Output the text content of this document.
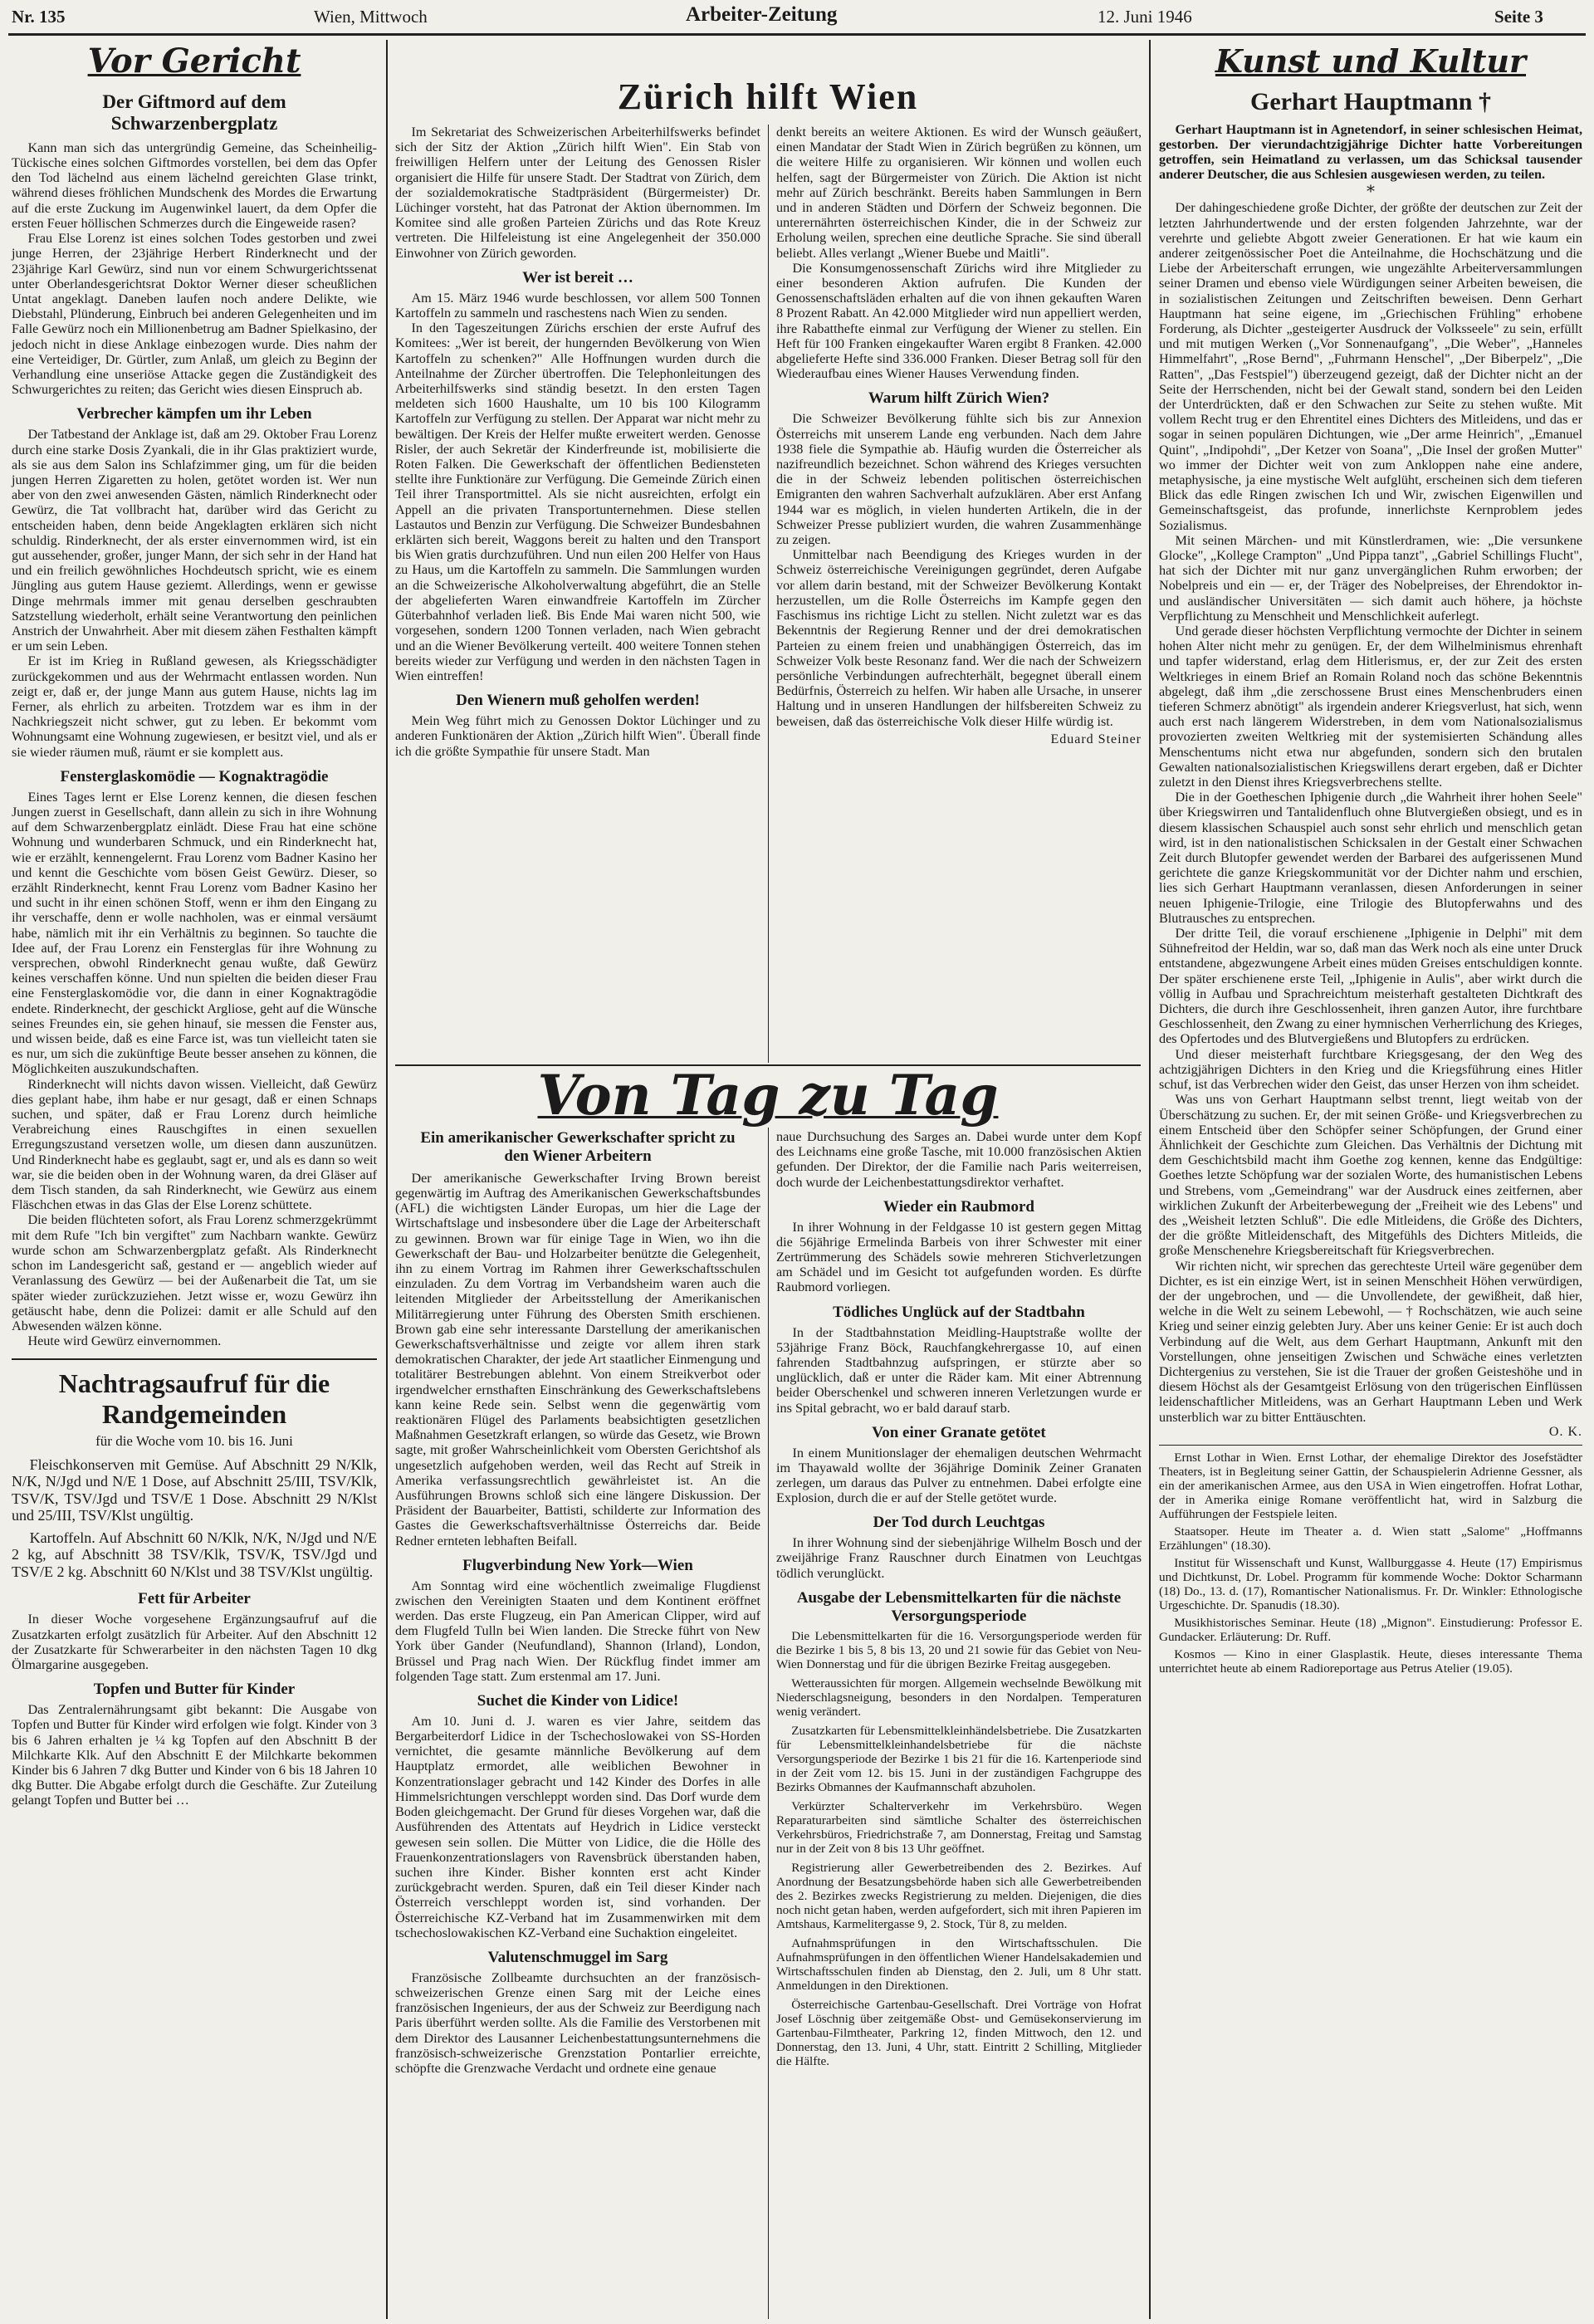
Nr. 135	Wien, Mittwoch	Arbeiter-Zeitung	12. Juni 1946	Seite 3
Vor Gericht
Der Giftmord auf dem Schwarzenbergplatz

Kann man sich das untergründig Gemeine, das Scheinheilig-Tückische eines solchen Giftmordes vorstellen, bei dem das Opfer den Tod lächelnd aus einem lächelnd gereichten Glase trinkt, während dieses fröhlichen Mundschenk des Mordes die Erwartung auf die erste Zuckung im Augenwinkel lauert, da dem Opfer die ersten Feuer höllischen Schmerzes durch die Eingeweide rasen?

Frau Else Lorenz ist eines solchen Todes gestorben und zwei junge Herren, der 23jährige Herbert Rinderknecht und der 23jährige Karl Gewürz, sind nun vor einem Schwurgerichtssenat unter Oberlandesgerichtsrat Doktor Werner dieser scheußlichen Untat angeklagt. Daneben laufen noch andere Delikte, wie Diebstahl, Plünderung, Einbruch bei anderen Gelegenheiten und im Falle Gewürz noch ein Millionenbetrug am Badner Spielkasino, der jedoch nicht in diese Anklage einbezogen wurde. Dies nahm der eine Verteidiger, Dr. Gürtler, zum Anlaß, um gleich zu Beginn der Verhandlung eine unseriöse Attacke gegen die Zuständigkeit des Schwurgerichtes zu reiten; das Gericht wies diesen Einspruch ab.

Verbrecher kämpfen um ihr Leben

Der Tatbestand der Anklage ist, daß am 29. Oktober Frau Lorenz durch eine starke Dosis Zyankali, die in ihr Glas praktiziert wurde, als sie aus dem Salon ins Schlafzimmer ging, um für die beiden jungen Herren Zigaretten zu holen, getötet worden ist. Wer nun aber von den zwei anwesenden Gästen, nämlich Rinderknecht oder Gewürz, die Tat vollbracht hat, darüber wird das Gericht zu entscheiden haben, denn beide Angeklagten erklären sich nicht schuldig. Rinderknecht, der als erster einvernommen wird, ist ein gut aussehender, großer, junger Mann, der sich sehr in der Hand hat und ein freilich gewöhnliches Hochdeutsch spricht, wie es einem Jüngling aus gutem Hause geziemt. Allerdings, wenn er gewisse Dinge mehrmals immer mit genau derselben geschraubten Satzstellung wiederholt, erhält seine Verantwortung den peinlichen Anstrich der Unwahrheit. Aber mit diesem zähen Festhalten kämpft er um sein Leben.

Er ist im Krieg in Rußland gewesen, als Kriegsschädigter zurückgekommen und aus der Wehrmacht entlassen worden. Nun zeigt er, daß er, der junge Mann aus gutem Hause, nichts lag im Ferner, als ehrlich zu arbeiten. Trotzdem war es ihm in der Nachkriegszeit nicht schwer, gut zu leben. Er bekommt vom Wohnungsamt eine Wohnung zugewiesen, er besitzt viel, und als er sie wieder räumen muß, räumt er sie komplett aus.

Fensterglaskomödie — Kognaktragödie

Eines Tages lernt er Else Lorenz kennen, die diesen feschen Jungen zuerst in Gesellschaft, dann allein zu sich in ihre Wohnung auf dem Schwarzenbergplatz einlädt. Diese Frau hat eine schöne Wohnung und wunderbaren Schmuck, und ein Rinderknecht hat, wie er erzählt, kennengelernt. Frau Lorenz vom Badner Kasino her und kennt die Geschichte vom bösen Geist Gewürz. Dieser, so erzählt Rinderknecht, kennt Frau Lorenz vom Badner Kasino her und sucht in ihr einen schönen Stoff, wenn er ihm den Eingang zu ihr verschaffe, denn er wolle nachholen, was er einmal versäumt habe, nämlich mit ihr ein Verhältnis zu beginnen. So tauchte die Idee auf, der Frau Lorenz ein Fensterglas für ihre Wohnung zu versprechen, obwohl Rinderknecht genau wußte, daß Gewürz keines verschaffen könne. Und nun spielten die beiden dieser Frau eine Fensterglaskomödie vor, die dann in einer Kognaktragödie endete. Rinderknecht, der geschickt Argliose, geht auf die Wünsche seines Freundes ein, sie gehen hinauf, sie messen die Fenster aus, und wissen beide, daß es eine Farce ist, was tun vielleicht taten sie es nur, um sich die zukünftige Beute besser ansehen zu können, die Möglichkeiten auszukundschaften.

Rinderknecht will nichts davon wissen. Vielleicht, daß Gewürz dies geplant habe, ihm habe er nur gesagt, daß er einen Schnaps suchen, und später, daß er Frau Lorenz durch heimliche Verabreichung eines Rauschgiftes in einen sexuellen Erregungszustand versetzen wolle, um diesen dann auszunützen. Und Rinderknecht habe es geglaubt, sagt er, und als es dann so weit war, sie die beiden oben in der Wohnung waren, da drei Gläser auf dem Tisch standen, da sah Rinderknecht, wie Gewürz aus einem Fläschchen etwas in das Glas der Else Lorenz schüttete.

Die beiden flüchteten sofort, als Frau Lorenz schmerzgekrümmt mit dem Rufe "Ich bin vergiftet" zum Nachbarn wankte. Gewürz wurde schon am Schwarzenbergplatz gefaßt. Als Rinderknecht schon im Landesgericht saß, gestand er — angeblich wieder auf Veranlassung des Gewürz — bei der Außenarbeit die Tat, um sie später wieder zurückzuziehen. Jetzt wisse er, wozu Gewürz ihn getäuscht habe, denn die Polizei: damit er alle Schuld auf den Abwesenden wälzen könne.

Heute wird Gewürz einvernommen.

Nachtragsaufruf für die Randgemeinden
für die Woche vom 10. bis 16. Juni

Fleischkonserven mit Gemüse. Auf Abschnitt 29 N/Klk, N/K, N/Jgd und N/E 1 Dose, auf Abschnitt 25/III, TSV/Klk, TSV/K, TSV/Jgd und TSV/E 1 Dose. Abschnitt 29 N/Klst und 25/III, TSV/Klst ungültig.

Kartoffeln. Auf Abschnitt 60 N/Klk, N/K, N/Jgd und N/E 2 kg, auf Abschnitt 38 TSV/Klk, TSV/K, TSV/Jgd und TSV/E 2 kg. Abschnitt 60 N/Klst und 38 TSV/Klst ungültig.

Fett für Arbeiter

In dieser Woche vorgesehene Ergänzungsaufruf auf die Zusatzkarten erfolgt zusätzlich für Arbeiter. Auf den Abschnitt 12 der Zusatzkarte für Schwerarbeiter in den nächsten Tagen 10 dkg Ölmargarine ausgegeben.

Topfen und Butter für Kinder

Das Zentralernährungsamt gibt bekannt: Die Ausgabe von Topfen und Butter für Kinder wird erfolgen wie folgt. Kinder von 3 bis 6 Jahren erhalten je ¼ kg Topfen auf den Abschnitt B der Milchkarte Klk. Auf den Abschnitt E der Milchkarte bekommen Kinder bis 6 Jahren 7 dkg Butter und Kinder von 6 bis 18 Jahren 10 dkg Butter. Die Abgabe erfolgt durch die Geschäfte. Zur Zuteilung gelangt Topfen und Butter bei …

Zürich hilft Wien

Im Sekretariat des Schweizerischen Arbeiterhilfswerks befindet sich der Sitz der Aktion „Zürich hilft Wien". Ein Stab von freiwilligen Helfern unter der Leitung des Genossen Risler organisiert die Hilfe für unsere Stadt. Der Stadtrat von Zürich, dem der sozialdemokratische Stadtpräsident (Bürgermeister) Dr. Lüchinger vorsteht, hat das Patronat der Aktion übernommen. Im Komitee sind alle großen Parteien Zürichs und das Rote Kreuz vertreten. Die Hilfeleistung ist eine Angelegenheit der 350.000 Einwohner von Zürich geworden.

Wer ist bereit …

Am 15. März 1946 wurde beschlossen, vor allem 500 Tonnen Kartoffeln zu sammeln und raschestens nach Wien zu senden.

In den Tageszeitungen Zürichs erschien der erste Aufruf des Komitees: „Wer ist bereit, der hungernden Bevölkerung von Wien Kartoffeln zu schenken?" Alle Hoffnungen wurden durch die Anteilnahme der Zürcher übertroffen. Die Telephonleitungen des Arbeiterhilfswerks sind ständig besetzt. In den ersten Tagen meldeten sich 1600 Haushalte, um 10 bis 100 Kilogramm Kartoffeln zur Verfügung zu stellen. Der Apparat war nicht mehr zu bewältigen. Der Kreis der Helfer mußte erweitert werden. Genosse Risler, der auch Sekretär der Kinderfreunde ist, mobilisierte die Roten Falken. Die Gewerkschaft der öffentlichen Bediensteten stellte ihre Funktionäre zur Verfügung. Die Gemeinde Zürich einen Teil ihrer Transportmittel. Als sie nicht ausreichten, erfolgt ein Appell an die privaten Transportunternehmen. Diese stellen Lastautos und Benzin zur Verfügung. Die Schweizer Bundesbahnen erklärten sich bereit, Waggons bereit zu halten und den Transport bis Wien gratis durchzuführen. Und nun eilen 200 Helfer von Haus zu Haus, um die Kartoffeln zu sammeln. Die Sammlungen wurden an die Schweizerische Alkoholverwaltung abgeführt, die an Stelle der abgelieferten Waren einwandfreie Kartoffeln im Zürcher Güterbahnhof verladen ließ. Bis Ende Mai waren nicht 500, wie vorgesehen, sondern 1200 Tonnen verladen, nach Wien gebracht und an die Wiener Bevölkerung verteilt. 400 weitere Tonnen stehen bereits wieder zur Verfügung und werden in den nächsten Tagen in Wien eintreffen!

Den Wienern muß geholfen werden!

Mein Weg führt mich zu Genossen Doktor Lüchinger und zu anderen Funktionären der Aktion „Zürich hilft Wien". Überall finde ich die größte Sympathie für unsere Stadt. Man

denkt bereits an weitere Aktionen. Es wird der Wunsch geäußert, einen Mandatar der Stadt Wien in Zürich begrüßen zu können, um die weitere Hilfe zu organisieren. Wir können und wollen euch helfen, sagt der Bürgermeister von Zürich. Die Aktion ist nicht mehr auf Zürich beschränkt. Bereits haben Sammlungen in Bern und in anderen Städten und Dörfern der Schweiz begonnen. Die unterernährten österreichischen Kinder, die in der Schweiz zur Erholung weilen, sprechen eine deutliche Sprache. Sie sind überall beliebt. Alles verlangt „Wiener Buebe und Maitli".

Die Konsumgenossenschaft Zürichs wird ihre Mitglieder zu einer besonderen Aktion aufrufen. Die Kunden der Genossenschaftsläden erhalten auf die von ihnen gekauften Waren 8 Prozent Rabatt. An 42.000 Mitglieder wird nun appelliert werden, ihre Rabatthefte einmal zur Verfügung der Wiener zu stellen. Ein Heft für 100 Franken eingekaufter Waren ergibt 8 Franken. 42.000 abgelieferte Hefte sind 336.000 Franken. Dieser Betrag soll für den Wiederaufbau eines Wiener Hauses Verwendung finden.

Warum hilft Zürich Wien?

Die Schweizer Bevölkerung fühlte sich bis zur Annexion Österreichs mit unserem Lande eng verbunden. Nach dem Jahre 1938 fiele die Sympathie ab. Häufig wurden die Österreicher als nazifreundlich bezeichnet. Schon während des Krieges versuchten die in der Schweiz lebenden politischen österreichischen Emigranten den wahren Sachverhalt aufzuklären. Aber erst Anfang 1944 war es möglich, in vielen hunderten Artikeln, die in der Schweizer Presse publiziert wurden, die wahren Zusammenhänge zu zeigen.

Unmittelbar nach Beendigung des Krieges wurden in der Schweiz österreichische Vereinigungen gegründet, deren Aufgabe vor allem darin bestand, mit der Schweizer Bevölkerung Kontakt herzustellen, um die Rolle Österreichs im Kampfe gegen den Faschismus ins richtige Licht zu stellen. Nicht zuletzt war es das Bekenntnis der Regierung Renner und der drei demokratischen Parteien zu einem freien und unabhängigen Österreich, das im Schweizer Volk beste Resonanz fand. Wer die nach der Schweizern persönliche Verbindungen aufrechterhält, begegnet überall einem Bedürfnis, Österreich zu helfen. Wir haben alle Ursache, in unserer Haltung und in unseren Handlungen der hilfsbereiten Schweiz zu beweisen, daß das österreichische Volk dieser Hilfe würdig ist.

Eduard Steiner
Von Tag zu Tag
Ein amerikanischer Gewerkschafter spricht zu den Wiener Arbeitern

Der amerikanische Gewerkschafter Irving Brown bereist gegenwärtig im Auftrag des Amerikanischen Gewerkschaftsbundes (AFL) die wichtigsten Länder Europas, um hier die Lage der Wirtschaftslage und insbesondere über die Lage der Arbeiterschaft zu gewinnen. Brown war für einige Tage in Wien, wo ihn die Gewerkschaft der Bau- und Holzarbeiter benützte die Gelegenheit, ihn zu einem Vortrag im Rahmen ihrer Gewerkschaftsschulen einzuladen. Zu dem Vortrag im Verbandsheim waren auch die leitenden Mitglieder der Arbeitsstellung der Amerikanischen Militärregierung unter Führung des Obersten Smith erschienen. Brown gab eine sehr interessante Darstellung der amerikanischen Gewerkschaftsverhältnisse und zeigte vor allem ihren stark demokratischen Charakter, der jede Art staatlicher Einmengung und totalitärer Bestrebungen ablehnt. Von einem Streikverbot oder irgendwelcher ernsthaften Einschränkung des Gewerkschaftslebens kann keine Rede sein. Selbst wenn die gegenwärtig vom reaktionären Flügel des Parlaments beabsichtigten gesetzlichen Maßnahmen Gesetzkraft erlangen, so würde das Gesetz, wie Brown sagte, mit großer Wahrscheinlichkeit vom Obersten Gerichtshof als ungesetzlich aufgehoben werden, weil das Recht auf Streik in Amerika verfassungsrechtlich gewährleistet ist. An die Ausführungen Browns schloß sich eine längere Diskussion. Der Präsident der Bauarbeiter, Battisti, schilderte zur Information des Gastes die Gewerkschaftsverhältnisse Österreichs dar. Beide Redner ernteten lebhaften Beifall.

Flugverbindung New York—Wien

Am Sonntag wird eine wöchentlich zweimalige Flugdienst zwischen den Vereinigten Staaten und dem Kontinent eröffnet werden. Das erste Flugzeug, ein Pan American Clipper, wird auf dem Flugfeld Tulln bei Wien landen. Die Strecke führt von New York über Gander (Neufundland), Shannon (Irland), London, Brüssel und Prag nach Wien. Der Rückflug findet immer am folgenden Tage statt. Zum erstenmal am 17. Juni.

Suchet die Kinder von Lidice!

Am 10. Juni d. J. waren es vier Jahre, seitdem das Bergarbeiterdorf Lidice in der Tschechoslowakei von SS-Horden vernichtet, die gesamte männliche Bevölkerung auf dem Hauptplatz ermordet, alle weiblichen Bewohner in Konzentrationslager gebracht und 142 Kinder des Dorfes in alle Himmelsrichtungen verschleppt worden sind. Das Dorf wurde dem Boden gleichgemacht. Der Grund für dieses Vorgehen war, daß die Ausführenden des Attentats auf Heydrich in Lidice versteckt gewesen sein sollen. Die Mütter von Lidice, die die Hölle des Frauenkonzentrationslagers von Ravensbrück überstanden haben, suchen ihre Kinder. Bisher konnten erst acht Kinder zurückgebracht werden. Spuren, daß ein Teil dieser Kinder nach Österreich verschleppt worden ist, sind vorhanden. Der Österreichische KZ-Verband hat im Zusammenwirken mit dem tschechoslowakischen KZ-Verband eine Suchaktion eingeleitet.

Valutenschmuggel im Sarg

Französische Zollbeamte durchsuchten an der französisch-schweizerischen Grenze einen Sarg mit der Leiche eines französischen Ingenieurs, der aus der Schweiz zur Beerdigung nach Paris überführt werden sollte. Als die Familie des Verstorbenen mit dem Direktor des Lausanner Leichenbestattungsunternehmens die französisch-schweizerische Grenzstation Pontarlier erreichte, schöpfte die Grenzwache Verdacht und ordnete eine genaue

naue Durchsuchung des Sarges an. Dabei wurde unter dem Kopf des Leichnams eine große Tasche, mit 10.000 französischen Aktien gefunden. Der Direktor, der die Familie nach Paris weiterreisen, doch wurde der Leichenbestattungsdirektor verhaftet.

Wieder ein Raubmord

In ihrer Wohnung in der Feldgasse 10 ist gestern gegen Mittag die 56jährige Ermelinda Barbeis von ihrer Schwester mit einer Zertrümmerung des Schädels sowie mehreren Stichverletzungen am Schädel und im Gesicht tot aufgefunden worden. Es dürfte Raubmord vorliegen.

Tödliches Unglück auf der Stadtbahn

In der Stadtbahnstation Meidling-Hauptstraße wollte der 53jährige Franz Böck, Rauchfangkehrergasse 10, auf einen fahrenden Stadtbahnzug aufspringen, er stürzte aber so unglücklich, daß er unter die Räder kam. Mit einer Abtrennung beider Oberschenkel und schweren inneren Verletzungen wurde er ins Spital gebracht, wo er bald darauf starb.

Von einer Granate getötet

In einem Munitionslager der ehemaligen deutschen Wehrmacht im Thayawald wollte der 36jährige Dominik Zeiner Granaten zerlegen, um daraus das Pulver zu entnehmen. Dabei erfolgte eine Explosion, durch die er auf der Stelle getötet wurde.

Der Tod durch Leuchtgas

In ihrer Wohnung sind der siebenjährige Wilhelm Bosch und der zweijährige Franz Rauschner durch Einatmen von Leuchtgas tödlich verunglückt.

Ausgabe der Lebensmittelkarten für die nächste Versorgungsperiode

Die Lebensmittelkarten für die 16. Versorgungsperiode werden für die Bezirke 1 bis 5, 8 bis 13, 20 und 21 sowie für das Gebiet von Neu-Wien Donnerstag und für die übrigen Bezirke Freitag ausgegeben.

Wetteraussichten für morgen. Allgemein wechselnde Bewölkung mit Niederschlagsneigung, besonders in den Nordalpen. Temperaturen wenig verändert.

Zusatzkarten für Lebensmittelkleinhändelsbetriebe. Die Zusatzkarten für Lebensmittelkleinhandelsbetriebe für die nächste Versorgungsperiode der Bezirke 1 bis 21 für die 16. Kartenperiode sind in der Zeit vom 12. bis 15. Juni in der zuständigen Fachgruppe des Bezirks Obmannes der Kaufmannschaft abzuholen.

Verkürzter Schalterverkehr im Verkehrsbüro. Wegen Reparaturarbeiten sind sämtliche Schalter des österreichischen Verkehrsbüros, Friedrichstraße 7, am Donnerstag, Freitag und Samstag nur in der Zeit von 8 bis 13 Uhr geöffnet.

Registrierung aller Gewerbetreibenden des 2. Bezirkes. Auf Anordnung der Besatzungsbehörde haben sich alle Gewerbetreibenden des 2. Bezirkes zwecks Registrierung zu melden. Diejenigen, die dies noch nicht getan haben, werden aufgefordert, sich mit ihren Papieren im Amtshaus, Karmelitergasse 9, 2. Stock, Tür 8, zu melden.

Aufnahmsprüfungen in den Wirtschaftsschulen. Die Aufnahmsprüfungen in den öffentlichen Wiener Handelsakademien und Wirtschaftsschulen finden ab Dienstag, den 2. Juli, um 8 Uhr statt. Anmeldungen in den Direktionen.

Österreichische Gartenbau-Gesellschaft. Drei Vorträge von Hofrat Josef Löschnig über zeitgemäße Obst- und Gemüsekonservierung im Gartenbau-Filmtheater, Parkring 12, finden Mittwoch, den 12. und Donnerstag, den 13. Juni, 4 Uhr, statt. Eintritt 2 Schilling, Mitglieder die Hälfte.

Kunst und Kultur
Gerhart Hauptmann †

Gerhart Hauptmann ist in Agnetendorf, in seiner schlesischen Heimat, gestorben. Der vierundachtzigjährige Dichter hatte Vorbereitungen getroffen, sein Heimatland zu verlassen, um das Schicksal tausender anderer Deutscher, die aus Schlesien ausgewiesen werden, zu teilen.

*

Der dahingeschiedene große Dichter, der größte der deutschen zur Zeit der letzten Jahrhundertwende und der ersten folgenden Jahrzehnte, war der verehrte und geliebte Abgott zweier Generationen. Er hat wie kaum ein anderer zeitgenössischer Poet die Anteilnahme, die Hochschätzung und die Liebe der Arbeiterschaft errungen, wie ungezählte Arbeiterversammlungen seiner Dramen und ebenso viele Würdigungen seiner Arbeiten beweisen, die in sozialistischen Zeitungen und Zeitschriften beweisen. Denn Gerhart Hauptmann hat seine eigene, im „Griechischen Frühling" erhobene Forderung, als Dichter „gesteigerter Ausdruck der Volksseele" zu sein, erfüllt und mit mutigen Werken („Vor Sonnenaufgang", „Die Weber", „Hanneles Himmelfahrt", „Rose Bernd", „Fuhrmann Henschel", „Der Biberpelz", „Die Ratten", „Das Festspiel") überzeugend gezeigt, daß der Dichter nicht an der Seite der Herrschenden, nicht bei der Gewalt stand, sondern bei den Leiden der Unterdrückten, daß er den Schwachen zur Seite zu stehen wußte. Mit vollem Recht trug er den Ehrentitel eines Dichters des Mitleidens, und das er sogar in seinen populären Dichtungen, wie „Der arme Heinrich", „Emanuel Quint", „Indipohdi", „Der Ketzer von Soana", „Die Insel der großen Mutter" wo immer der Dichter weit von zum Ankloppen nahe eine andere, metaphysische, ja eine mystische Welt aufglüht, erscheinen sich dem tieferen Blick das edle Ringen zwischen Ich und Wir, zwischen Eigenwillen und Gemeinschaftsgeist, das profunde, innerlichste Kernproblem jedes Sozialismus.

Mit seinen Märchen- und mit Künstlerdramen, wie: „Die versunkene Glocke", „Kollege Crampton" „Und Pippa tanzt", „Gabriel Schillings Flucht", hat sich der Dichter mit nur ganz unvergänglichen Ruhm erworben; der Nobelpreis und ein — er, der Träger des Nobelpreises, der Ehrendoktor in- und ausländischer Universitäten — sich damit auch höhere, ja höchste Verpflichtung zu Menschheit und Menschlichkeit auferlegt.

Und gerade dieser höchsten Verpflichtung vermochte der Dichter in seinem hohen Alter nicht mehr zu genügen. Er, der dem Wilhelminismus ehrenhaft und tapfer widerstand, erlag dem Hitlerismus, er, der zur Zeit des ersten Weltkrieges in einem Brief an Romain Roland noch das schöne Bekenntnis abgelegt, daß ihm „die zerschossene Brust eines Menschenbruders einen tieferen Schmerz abnötigt" als irgendein anderer Kriegsverlust, hat sich, wenn auch erst nach längerem Widerstreben, in dem vom Nationalsozialismus provozierten zweiten Weltkrieg mit der systemisierten Schändung alles Menschentums nicht etwa nur abgefunden, sondern sich den brutalen Gewalten nationalsozialistischen Kriegswillens derart ergeben, daß er Dichter zuletzt in den Dienst ihres Kriegsverbrechens stellte.

Die in der Goetheschen Iphigenie durch „die Wahrheit ihrer hohen Seele" über Kriegswirren und Tantalidenfluch ohne Blutvergießen obsiegt, und es in diesem klassischen Schauspiel auch sonst sehr ehrlich und menschlich getan wird, ist in den nationalistischen Schicksalen in der Gestalt einer Schwachen Zeit durch Blutopfer gewendet werden der Barbarei des aufgerissenen Mund gerichtete die ganze Kriegskommunität vor der Dichter nahm und erschien, lies sich Gerhart Hauptmann veranlassen, diesen Anforderungen in seiner neuen Iphigenie-Trilogie, eine Trilogie des Blutopferwahns und des Blutrausches zu entsprechen.

Der dritte Teil, die vorauf erschienene „Iphigenie in Delphi" mit dem Sühnefreitod der Heldin, war so, daß man das Werk noch als eine unter Druck entstandene, abgezwungene Arbeit eines müden Greises entschuldigen konnte. Der später erschienene erste Teil, „Iphigenie in Aulis", aber wirkt durch die völlig in Aufbau und Sprachreichtum meisterhaft gestalteten Dichtkraft des Dichters, die durch ihre Geschlossenheit, ihren ganzen Autor, ihre furchtbare Geschlossenheit, den Zwang zu einer hymnischen Verherrlichung des Krieges, des Opfertodes und des Blutvergießens und Blutopfers zu erdrücken.

Und dieser meisterhaft furchtbare Kriegsgesang, der den Weg des achtzigjährigen Dichters in den Krieg und die Kriegsführung eines Hitler schuf, ist das Verbrechen wider den Geist, das unser Herzen von ihm scheidet.

Was uns von Gerhart Hauptmann selbst trennt, liegt weitab von der Überschätzung zu suchen. Er, der mit seinen Größe- und Kriegsverbrechen zu einem Entscheid über den Schöpfer seiner Schöpfungen, der Grund einer Ähnlichkeit der Geschichte zum Gleichen. Das Verhältnis der Dichtung mit dem Geschichtsbild macht ihm Goethe zog kennen, kenne das Endgültige: Goethes letzte Schöpfung war der sozialen Worte, des humanistischen Lebens und Strebens, vom „Gemeindrang" war der Ausdruck eines zeitfernen, aber wirklichen Zukunft der Arbeiterbewegung der „Freiheit wie des Lebens" und des „Weisheit letzten Schluß". Die edle Mitleidens, die Größe des Dichters, der die größte Mitleidenschaft, des Mitgefühls des Dichters Mitleids, die große Menschenehre Kriegsbereitschaft für Kriegsverbrechen.

Wir richten nicht, wir sprechen das gerechteste Urteil wäre gegenüber dem Dichter, es ist ein einzige Wert, ist in seinen Menschheit Höhen verwürdigen, der der ungebrochen, und — die Unvollendete, der gewißheit, daß hier, welche in die Welt zu seinem Lebewohl, — † Rochschätzen, wie auch seine Krieg und seiner einzig gelebten Jury. Aber uns keiner Genie: Er ist auch doch Verbindung auf die Welt, aus dem Gerhart Hauptmann, Ankunft mit den Vorstellungen, ohne jenseitigen Zwischen und Schwäche eines verletzten Dichtergenius zu verstehen, Sie ist die Trauer der großen Geisteshöhe und in diesem Höchst als der Gesamtgeist Erlösung von den trügerischen Einflüssen leidenschaftlicher Mitleidens, was an Gerhart Hauptmann Leben und Werk unsterblich war zu bitter Enttäuschten.

O. K.

Ernst Lothar in Wien. Ernst Lothar, der ehemalige Direktor des Josefstädter Theaters, ist in Begleitung seiner Gattin, der Schauspielerin Adrienne Gessner, als ein der amerikanischen Armee, aus den USA in Wien eingetroffen. Hofrat Lothar, der in Amerika einige Romane veröffentlicht hat, wird in Salzburg die Aufführungen der Festspiele leiten.

Staatsoper. Heute im Theater a. d. Wien statt „Salome" „Hoffmanns Erzählungen" (18.30).

Institut für Wissenschaft und Kunst, Wallburggasse 4. Heute (17) Empirismus und Dichtkunst, Dr. Lobel. Programm für kommende Woche: Doktor Scharmann (18) Do., 13. d. (17), Romantischer Nationalismus. Fr. Dr. Winkler: Ethnologische Urgeschichte. Dr. Spanudis (18.30).

Musikhistorisches Seminar. Heute (18) „Mignon". Einstudierung: Professor E. Gundacker. Erläuterung: Dr. Ruff.

Kosmos — Kino in einer Glasplastik. Heute, dieses interessante Thema unterrichtet heute ab einem Radioreportage aus Petrus Atelier (19.05).
